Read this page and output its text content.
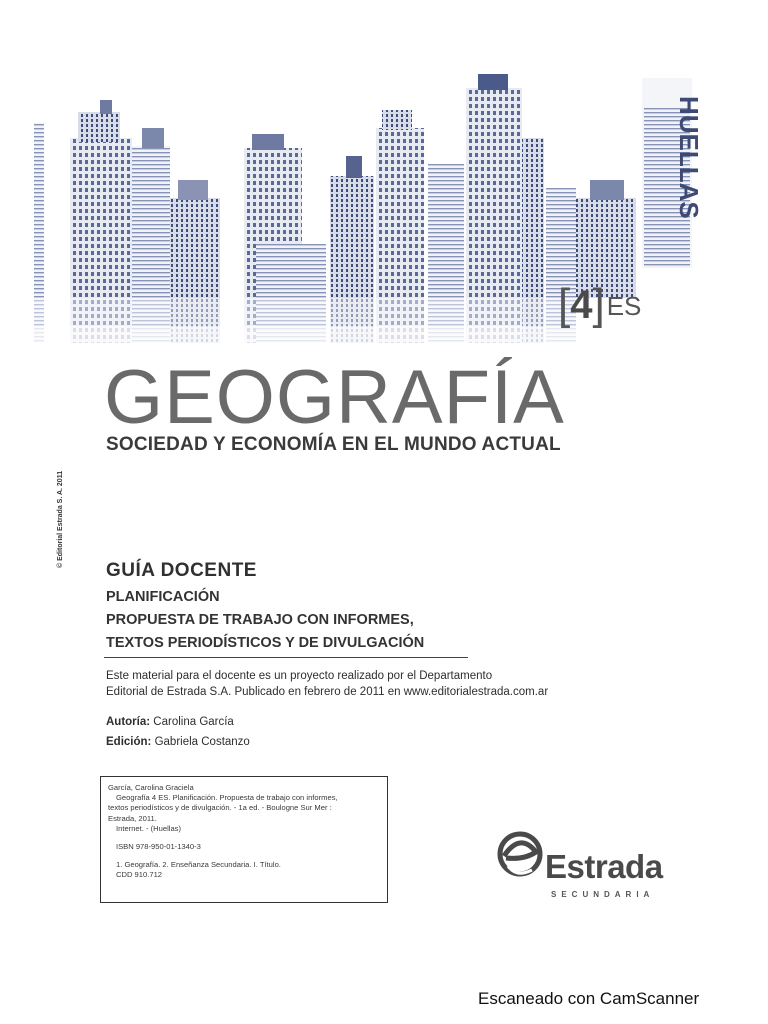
HUELLAS
[4]ES
GEOGRAFÍA
SOCIEDAD Y ECONOMÍA EN EL MUNDO ACTUAL
© Editorial Estrada S. A. 2011
GUÍA DOCENTE
PLANIFICACIÓN
PROPUESTA DE TRABAJO CON INFORMES,
TEXTOS PERIODÍSTICOS Y DE DIVULGACIÓN
Este material para el docente es un proyecto realizado por el Departamento
Editorial de Estrada S.A. Publicado en febrero de 2011 en www.editorialestrada.com.ar
Autoría: Carolina García
Edición: Gabriela Costanzo
García, Carolina Graciela
Geografía 4 ES. Planificación. Propuesta de trabajo con informes,
textos periodísticos y de divulgación. - 1a ed. - Boulogne Sur Mer :
Estrada, 2011.
Internet. - (Huellas)
ISBN 978-950-01-1340-3
1. Geografía. 2. Enseñanza Secundaria. I. Título.
CDD 910.712	Estrada
SECUNDARIA
Escaneado con CamScanner
